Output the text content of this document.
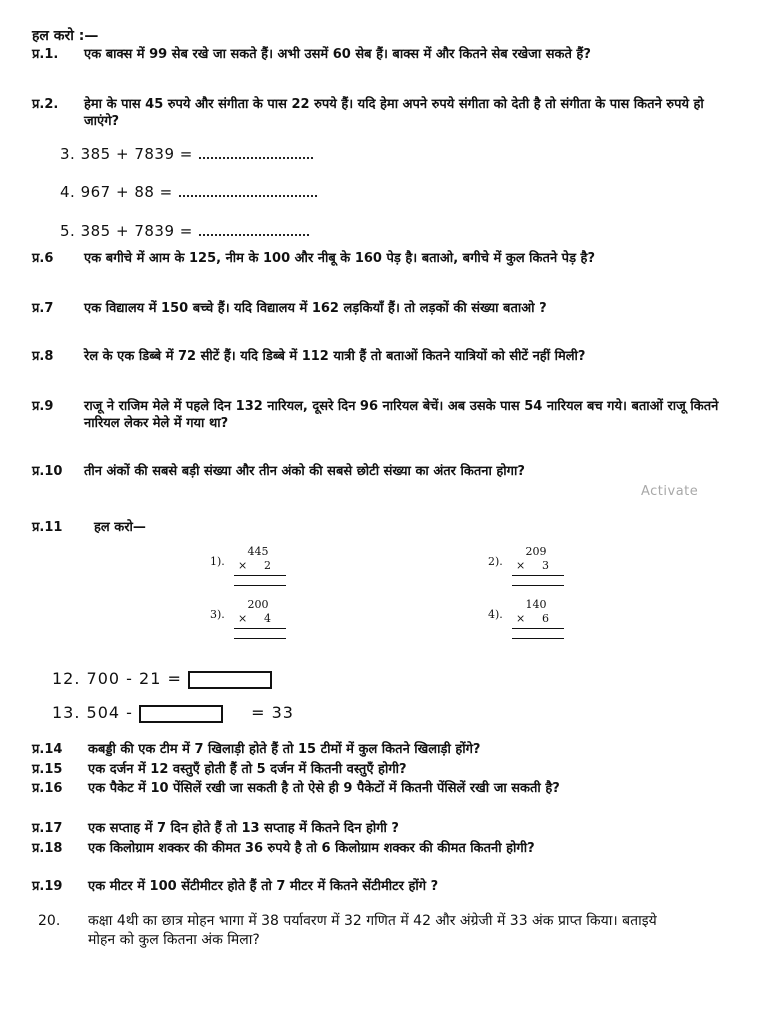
हल करो :—
प्र.1. एक बाक्स में 99 सेब रखे जा सकते हैं। अभी उसमें 60 सेब हैं। बाक्स में और कितने सेब रखेजा सकते हैं?
प्र.2. हेमा के पास 45 रुपये और संगीता के पास 22 रुपये हैं। यदि हेमा अपने रुपये संगीता को देती है तो संगीता के पास कितने रुपये हो जाएंगे?
3. 385 + 7839 =
4. 967 + 88 =
5. 385 + 7839 =
प्र.6 एक बगीचे में आम के 125, नीम के 100 और नीबू के 160 पेड़ है। बताओ, बगीचे में कुल कितने पेड़ है?
प्र.7 एक विद्यालय में 150 बच्चे हैं। यदि विद्यालय में 162 लड़कियाँ हैं। तो लड़कों की संख्या बताओ ?
प्र.8 रेल के एक डिब्बे में 72 सीटें हैं। यदि डिब्बे में 112 यात्री हैं तो बताओं कितने यात्रियों को सीटें नहीं मिली?
प्र.9 राजू ने राजिम मेले में पहले दिन 132 नारियल, दूसरे दिन 96 नारियल बेचें। अब उसके पास 54 नारियल बच गये। बताओं राजू कितने नारियल लेकर मेले में गया था?
प्र.10 तीन अंकों की सबसे बड़ी संख्या और तीन अंको की सबसे छोटी संख्या का अंतर कितना होगा?
Activate
प्र.11 हल करो—
1).
445
× 2	2).
209
× 3
3).
200
× 4	4).
140
× 6
12. 700 - 21 =
13. 504 -	= 33
प्र.14 कबड्डी की एक टीम में 7 खिलाड़ी होते हैं तो 15 टीमों में कुल कितने खिलाड़ी होंगे?
प्र.15 एक दर्जन में 12 वस्तुएँ होती हैं तो 5 दर्जन में कितनी वस्तुएँ होगी?
प्र.16 एक पैकेट में 10 पेंसिलें रखी जा सकती है तो ऐसे ही 9 पैकेटों में कितनी पेंसिलें रखी जा सकती है?
प्र.17 एक सप्ताह में 7 दिन होते हैं तो 13 सप्ताह में कितने दिन होगी ?
प्र.18 एक किलोग्राम शक्कर की कीमत 36 रुपये है तो 6 किलोग्राम शक्कर की कीमत कितनी होगी?
प्र.19 एक मीटर में 100 सेंटीमीटर होते हैं तो 7 मीटर में कितने सेंटीमीटर होंगे ?
20. कक्षा 4थी का छात्र मोहन भागा में 38 पर्यावरण में 32 गणित में 42 और अंग्रेजी में 33 अंक प्राप्त किया। बताइये मोहन को कुल कितना अंक मिला?
